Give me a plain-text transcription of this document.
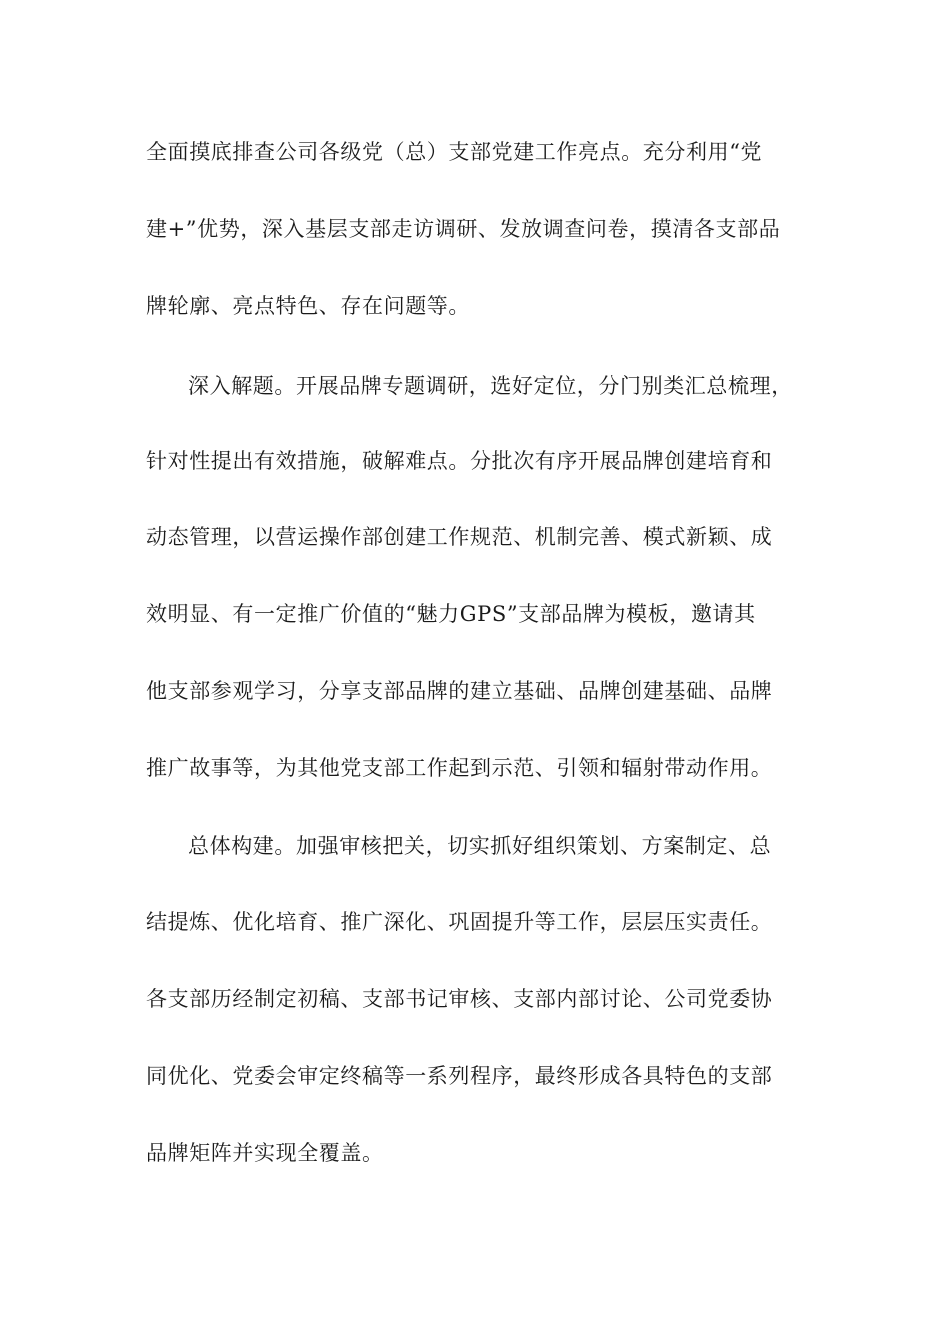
全面摸底排查公司各级党（总）支部党建工作亮点。充分利用“党
建+”优势，深入基层支部走访调研、发放调查问卷，摸清各支部品
牌轮廓、亮点特色、存在问题等。
深入解题。开展品牌专题调研，选好定位，分门别类汇总梳理，
针对性提出有效措施，破解难点。分批次有序开展品牌创建培育和
动态管理，以营运操作部创建工作规范、机制完善、模式新颖、成
效明显、有一定推广价值的“魅力GPS”支部品牌为模板，邀请其
他支部参观学习，分享支部品牌的建立基础、品牌创建基础、品牌
推广故事等，为其他党支部工作起到示范、引领和辐射带动作用。
总体构建。加强审核把关，切实抓好组织策划、方案制定、总
结提炼、优化培育、推广深化、巩固提升等工作，层层压实责任。
各支部历经制定初稿、支部书记审核、支部内部讨论、公司党委协
同优化、党委会审定终稿等一系列程序，最终形成各具特色的支部
品牌矩阵并实现全覆盖。
